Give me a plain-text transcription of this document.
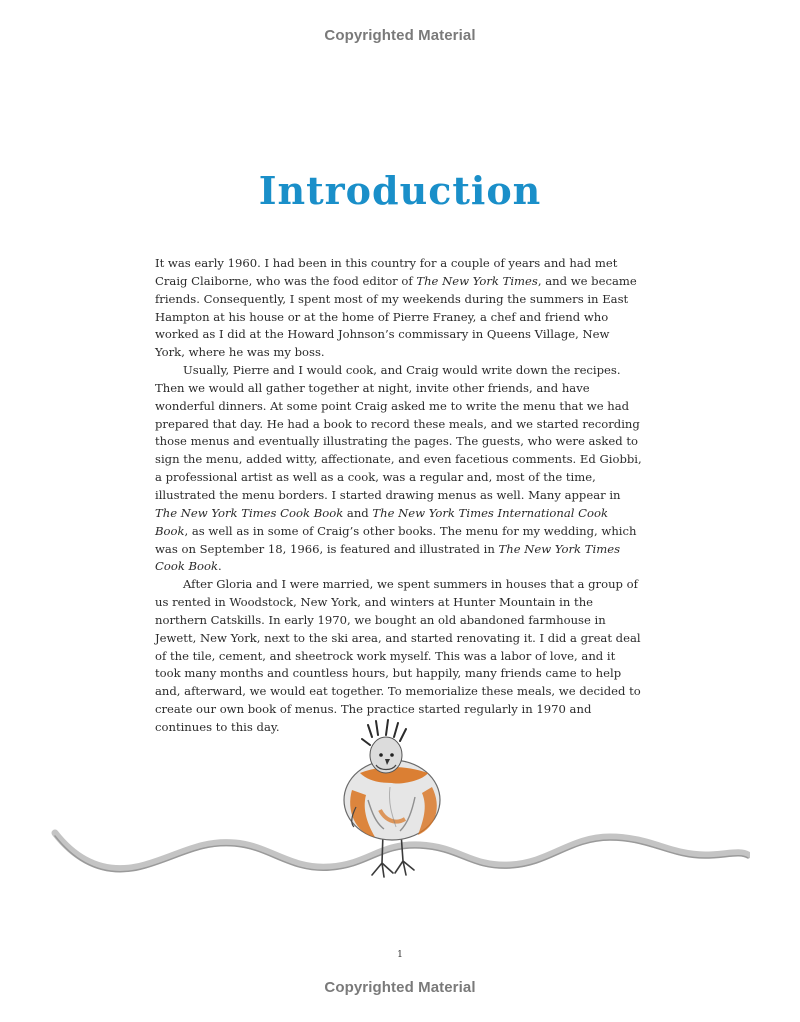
Copyrighted Material
Introduction

It was early 1960. I had been in this country for a couple of years and had met Craig Claiborne, who was the food editor of The New York Times, and we became friends. Consequently, I spent most of my weekends during the summers in East Hampton at his house or at the home of Pierre Franey, a chef and friend who worked as I did at the Howard Johnson’s commissary in Queens Village, New York, where he was my boss.

Usually, Pierre and I would cook, and Craig would write down the recipes. Then we would all gather together at night, invite other friends, and have wonderful dinners. At some point Craig asked me to write the menu that we had prepared that day. He had a book to record these meals, and we started recording those menus and eventually illustrating the pages. The guests, who were asked to sign the menu, added witty, affectionate, and even facetious comments. Ed Giobbi, a professional artist as well as a cook, was a regular and, most of the time, illustrated the menu borders. I started drawing menus as well. Many appear in The New York Times Cook Book and The New York Times International Cook Book, as well as in some of Craig’s other books. The menu for my wedding, which was on September 18, 1966, is featured and illustrated in The New York Times Cook Book.

After Gloria and I were married, we spent summers in houses that a group of us rented in Woodstock, New York, and winters at Hunter Mountain in the northern Catskills. In early 1970, we bought an old abandoned farmhouse in Jewett, New York, next to the ski area, and started renovating it. I did a great deal of the tile, cement, and sheetrock work myself. This was a labor of love, and it took many months and countless hours, but happily, many friends came to help and, afterward, we would eat together. To memorialize these meals, we decided to create our own book of menus. The practice started regularly in 1970 and continues to this day.

1
Copyrighted Material
